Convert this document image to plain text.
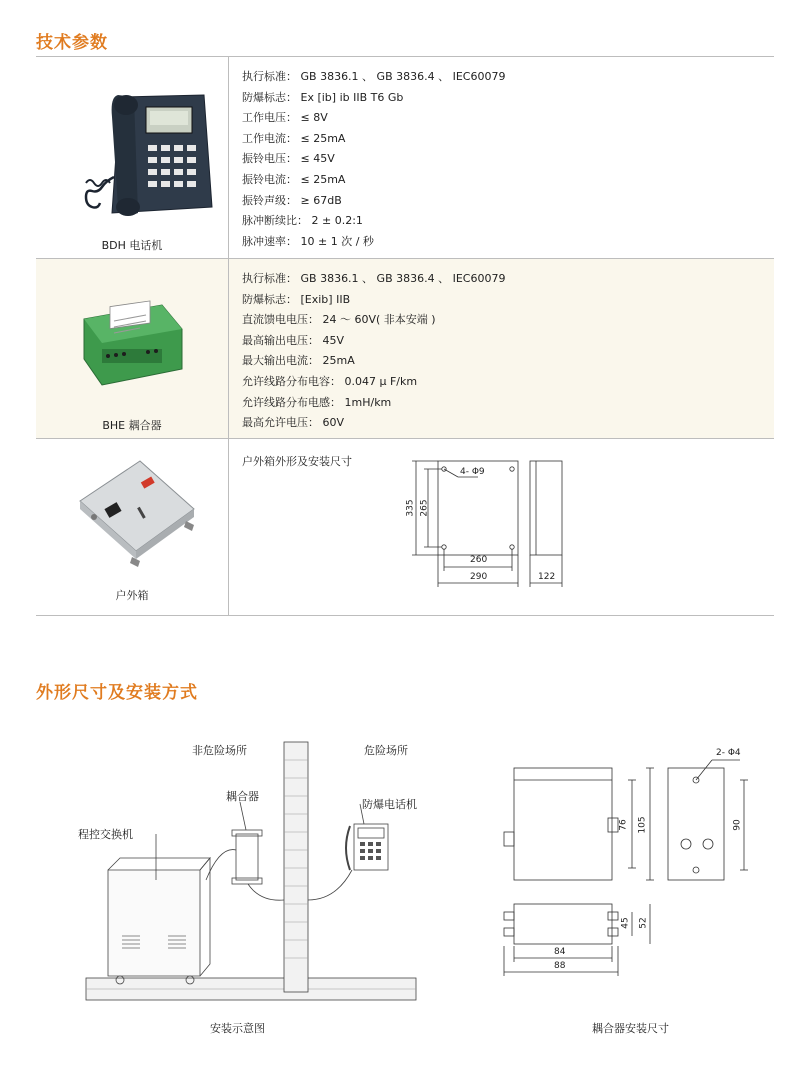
技术参数
BDH 电话机
执行标准： GB 3836.1 、 GB 3836.4 、 IEC60079
防爆标志： Ex [ib] ib IIB T6 Gb
工作电压： ≤ 8V
工作电流： ≤ 25mA
振铃电压： ≤ 45V
振铃电流： ≤ 25mA
振铃声级： ≥ 67dB
脉冲断续比： 2 ± 0.2:1
脉冲速率： 10 ± 1 次 / 秒
BHE 耦合器
执行标准： GB 3836.1 、 GB 3836.4 、 IEC60079
防爆标志： [Exib] IIB
直流馈电电压： 24 ～ 60V( 非本安端 )
最高输出电压： 45V
最大输出电流： 25mA
允许线路分布电容： 0.047 μ F/km
允许线路分布电感： 1mH/km
最高允许电压： 60V
户外箱
户外箱外形及安装尺寸
4- Φ9
335 265
260
290	122
外形尺寸及安装方式
非危险场所	危险场所
耦合器
防爆电话机
程控交换机
安装示意图
2- Φ4
76 105	90
45 52
84
88
耦合器安装尺寸
